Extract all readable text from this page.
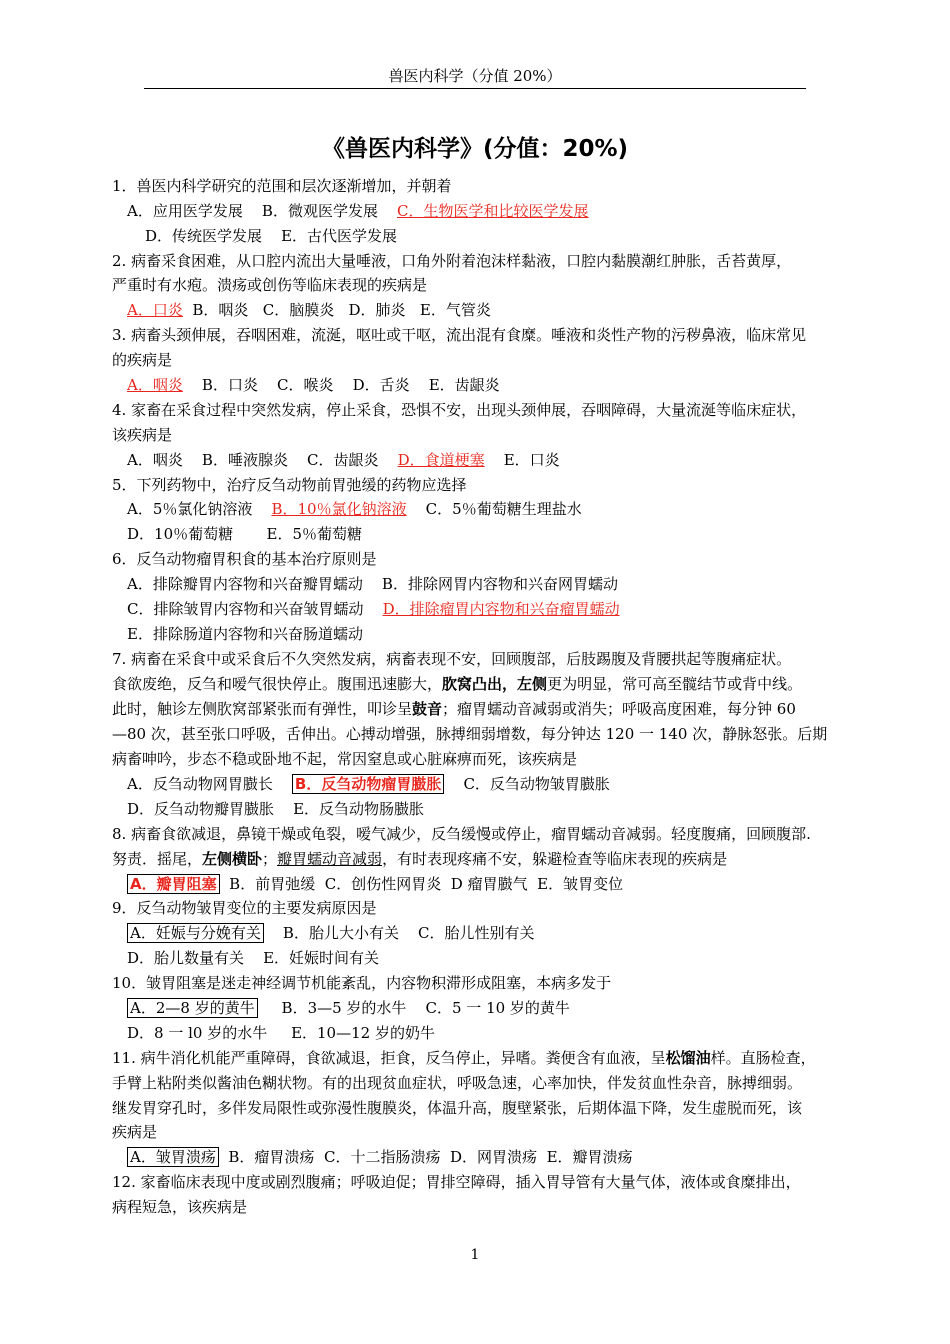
兽医内科学（分值 20%）
《兽医内科学》(分值：20%)
1．兽医内科学研究的范围和层次逐渐增加，并朝着
A．应用医学发展 B．微观医学发展 C．生物医学和比较医学发展
D．传统医学发展 E．古代医学发展
2. 病畜采食困难，从口腔内流出大量唾液，口角外附着泡沫样黏液，口腔内黏膜潮红肿胀，舌苔黄厚，
严重时有水疱。溃疡或创伤等临床表现的疾病是
A．口炎 B．咽炎 C．脑膜炎 D．肺炎 E．气管炎
3. 病畜头颈伸展，吞咽困难，流涎，呕吐或干呕，流出混有食糜。唾液和炎性产物的污秽鼻液，临床常见
的疾病是
A．咽炎 B．口炎 C．喉炎 D．舌炎 E．齿龈炎
4. 家畜在采食过程中突然发病，停止采食，恐惧不安，出现头颈伸展，吞咽障碍，大量流涎等临床症状，
该疾病是
A．咽炎 B．唾液腺炎 C．齿龈炎 D．食道梗塞 E．口炎
5．下列药物中，治疗反刍动物前胃弛缓的药物应选择
A．5％氯化钠溶液 B．10％氯化钠溶液 C．5％葡萄糖生理盐水
D．10％葡萄糖 E．5％葡萄糖
6．反刍动物瘤胃积食的基本治疗原则是
A．排除瓣胃内容物和兴奋瓣胃蠕动 B．排除网胃内容物和兴奋网胃蠕动
C．排除皱胃内容物和兴奋皱胃蠕动 D．排除瘤胃内容物和兴奋瘤胃蠕动
E．排除肠道内容物和兴奋肠道蠕动
7. 病畜在采食中或采食后不久突然发病，病畜表现不安，回顾腹部，后肢踢腹及背腰拱起等腹痛症状。
食欲废绝，反刍和嗳气很快停止。腹围迅速膨大，肷窝凸出，左侧更为明显，常可高至髋结节或背中线。
此时，触诊左侧肷窝部紧张而有弹性，叩诊呈鼓音；瘤胃蠕动音减弱或消失；呼吸高度困难，每分钟 60
—80 次，甚至张口呼吸，舌伸出。心搏动增强，脉搏细弱增数，每分钟达 120 一 140 次，静脉怒张。后期
病畜呻吟，步态不稳或卧地不起，常因窒息或心脏麻痹而死，该疾病是
A．反刍动物网胃臌长 B．反刍动物瘤胃臌胀 C．反刍动物皱胃臌胀
D．反刍动物瓣胃臌胀 E．反刍动物肠臌胀
8. 病畜食欲减退，鼻镜干燥或龟裂，嗳气减少，反刍缓慢或停止，瘤胃蠕动音减弱。轻度腹痛，回顾腹部.
努责．摇尾，左侧横卧；瓣胃蠕动音减弱，有时表现疼痛不安，躲避检查等临床表现的疾病是
A．瓣胃阻塞 B．前胃弛缓 C．创伤性网胃炎 D 瘤胃臌气 E．皱胃变位
9．反刍动物皱胃变位的主要发病原因是
A．妊娠与分娩有关 B．胎儿大小有关 C．胎儿性别有关
D．胎儿数量有关 E．妊娠时间有关
10．皱胃阻塞是迷走神经调节机能紊乱，内容物积滞形成阻塞，本病多发于
A．2—8 岁的黄牛 B．3—5 岁的水牛 C．5 一 10 岁的黄牛
D．8 一 l0 岁的水牛 E．10—12 岁的奶牛
11. 病牛消化机能严重障碍，食欲减退，拒食，反刍停止，异嗜。粪便含有血液，呈松馏油样。直肠检查，
手臂上粘附类似酱油色糊状物。有的出现贫血症状，呼吸急速，心率加快，伴发贫血性杂音，脉搏细弱。
继发胃穿孔时，多伴发局限性或弥漫性腹膜炎，体温升高，腹壁紧张，后期体温下降，发生虚脱而死，该
疾病是
A．皱胃溃疡 B．瘤胃溃疡 C．十二指肠溃疡 D．网胃溃疡 E．瓣胃溃疡
12. 家畜临床表现中度或剧烈腹痛；呼吸迫促；胃排空障碍，插入胃导管有大量气体，液体或食糜排出，
病程短急，该疾病是
1
